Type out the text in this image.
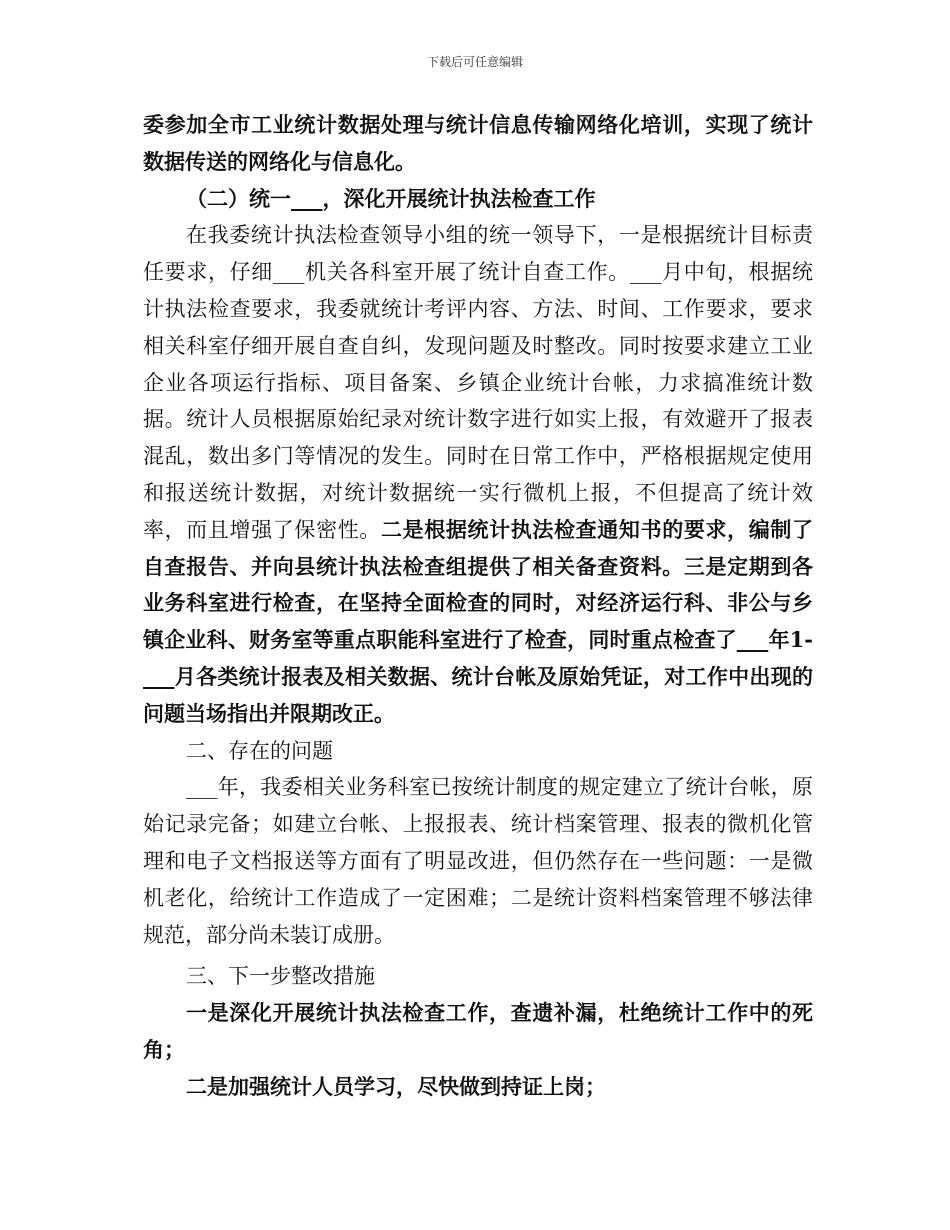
下载后可任意编辑

委参加全市工业统计数据处理与统计信息传输网络化培训，实现了统计数据传送的网络化与信息化。

（二）统一___，深化开展统计执法检查工作

在我委统计执法检查领导小组的统一领导下，一是根据统计目标责任要求，仔细___机关各科室开展了统计自查工作。___月中旬，根据统计执法检查要求，我委就统计考评内容、方法、时间、工作要求，要求相关科室仔细开展自查自纠，发现问题及时整改。同时按要求建立工业企业各项运行指标、项目备案、乡镇企业统计台帐，力求搞准统计数据。统计人员根据原始纪录对统计数字进行如实上报，有效避开了报表混乱，数出多门等情况的发生。同时在日常工作中，严格根据规定使用和报送统计数据，对统计数据统一实行微机上报，不但提高了统计效率，而且增强了保密性。二是根据统计执法检查通知书的要求，编制了自查报告、并向县统计执法检查组提供了相关备查资料。三是定期到各业务科室进行检查，在坚持全面检查的同时，对经济运行科、非公与乡镇企业科、财务室等重点职能科室进行了检查，同时重点检查了___年1-___月各类统计报表及相关数据、统计台帐及原始凭证，对工作中出现的问题当场指出并限期改正。

二、存在的问题

___年，我委相关业务科室已按统计制度的规定建立了统计台帐，原始记录完备；如建立台帐、上报报表、统计档案管理、报表的微机化管理和电子文档报送等方面有了明显改进，但仍然存在一些问题：一是微机老化，给统计工作造成了一定困难；二是统计资料档案管理不够法律规范，部分尚未装订成册。

三、下一步整改措施

一是深化开展统计执法检查工作，查遗补漏，杜绝统计工作中的死角；

二是加强统计人员学习，尽快做到持证上岗；
